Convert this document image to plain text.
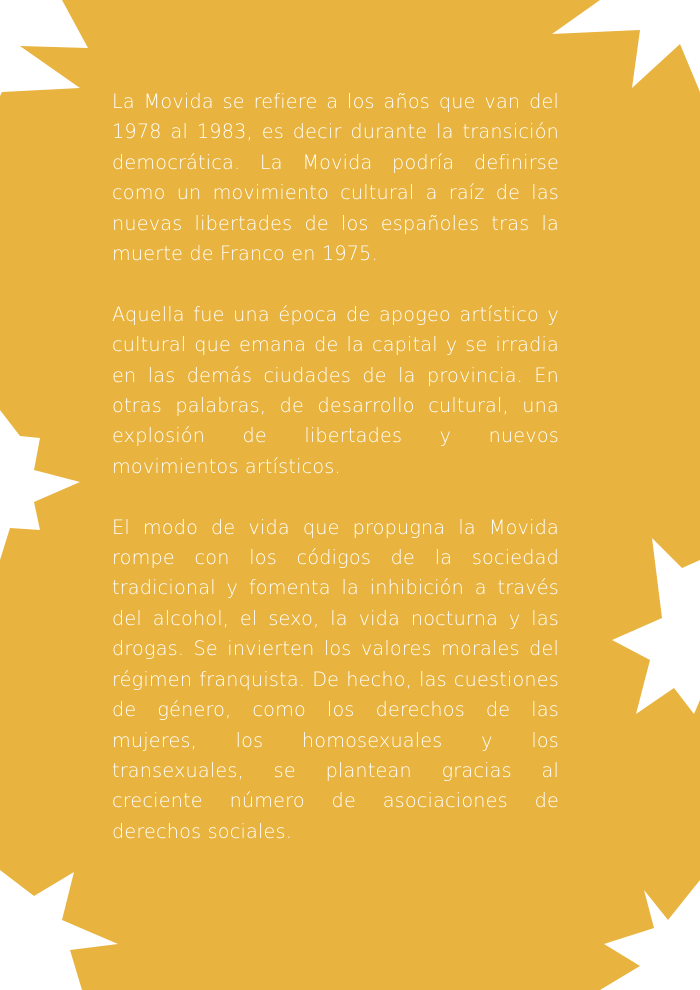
La Movida se refiere a los años que van del 1978 al 1983, es decir durante la transición democrática. La Movida podría definirse como un movimiento cultural a raíz de las nuevas libertades de los españoles tras la muerte de Franco en 1975.

Aquella fue una época de apogeo artístico y cultural que emana de la capital y se irradia en las demás ciudades de la provincia. En otras palabras, de desarrollo cultural, una explosión de libertades y nuevos movimientos artísticos.

El modo de vida que propugna la Movida rompe con los códigos de la sociedad tradicional y fomenta la inhibición a través del alcohol, el sexo, la vida nocturna y las drogas. Se invierten los valores morales del régimen franquista. De hecho, las cuestiones de género, como los derechos de las mujeres, los homosexuales y los transexuales, se plantean gracias al creciente número de asociaciones de derechos sociales.
